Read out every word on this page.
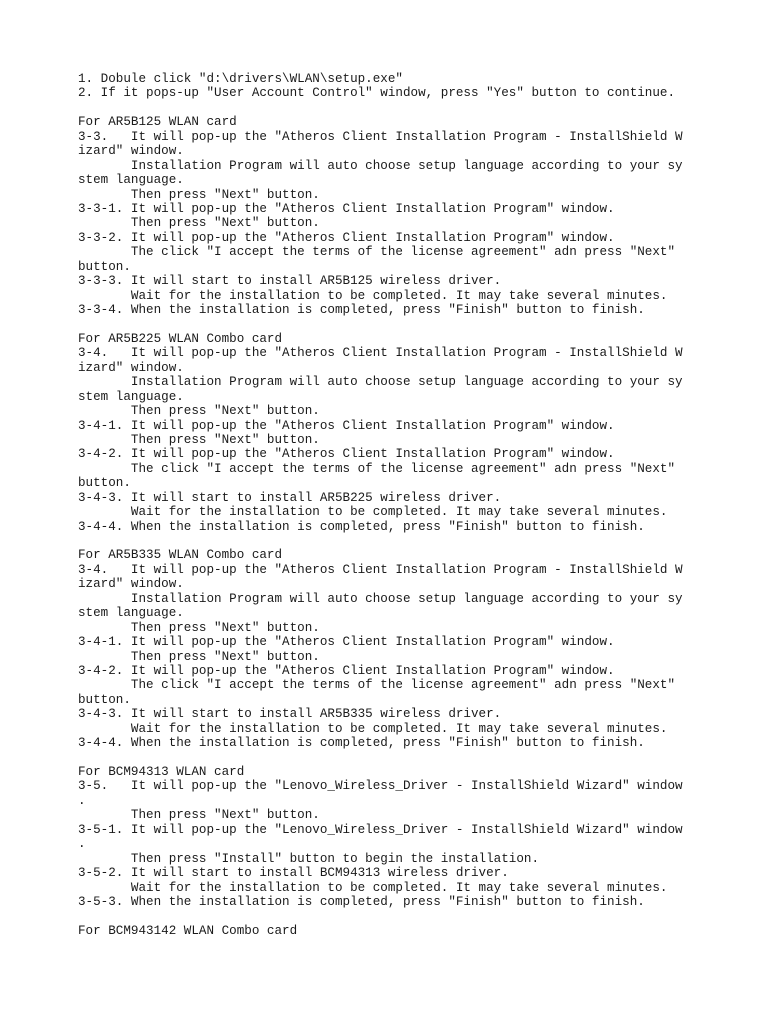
1. Dobule click "d:\drivers\WLAN\setup.exe"
2. If it pops-up "User Account Control" window, press "Yes" button to continue.
For AR5B125 WLAN card
3-3.   It will pop-up the "Atheros Client Installation Program - InstallShield W
izard" window.
Installation Program will auto choose setup language according to your sy
stem language.
Then press "Next" button.
3-3-1. It will pop-up the "Atheros Client Installation Program" window.
Then press "Next" button.
3-3-2. It will pop-up the "Atheros Client Installation Program" window.
The click "I accept the terms of the license agreement" adn press "Next"
button.
3-3-3. It will start to install AR5B125 wireless driver.
Wait for the installation to be completed. It may take several minutes.
3-3-4. When the installation is completed, press "Finish" button to finish.
For AR5B225 WLAN Combo card
3-4.   It will pop-up the "Atheros Client Installation Program - InstallShield W
izard" window.
Installation Program will auto choose setup language according to your sy
stem language.
Then press "Next" button.
3-4-1. It will pop-up the "Atheros Client Installation Program" window.
Then press "Next" button.
3-4-2. It will pop-up the "Atheros Client Installation Program" window.
The click "I accept the terms of the license agreement" adn press "Next"
button.
3-4-3. It will start to install AR5B225 wireless driver.
Wait for the installation to be completed. It may take several minutes.
3-4-4. When the installation is completed, press "Finish" button to finish.
For AR5B335 WLAN Combo card
3-4.   It will pop-up the "Atheros Client Installation Program - InstallShield W
izard" window.
Installation Program will auto choose setup language according to your sy
stem language.
Then press "Next" button.
3-4-1. It will pop-up the "Atheros Client Installation Program" window.
Then press "Next" button.
3-4-2. It will pop-up the "Atheros Client Installation Program" window.
The click "I accept the terms of the license agreement" adn press "Next"
button.
3-4-3. It will start to install AR5B335 wireless driver.
Wait for the installation to be completed. It may take several minutes.
3-4-4. When the installation is completed, press "Finish" button to finish.
For BCM94313 WLAN card
3-5.   It will pop-up the "Lenovo_Wireless_Driver - InstallShield Wizard" window
.
Then press "Next" button.
3-5-1. It will pop-up the "Lenovo_Wireless_Driver - InstallShield Wizard" window
.
Then press "Install" button to begin the installation.
3-5-2. It will start to install BCM94313 wireless driver.
Wait for the installation to be completed. It may take several minutes.
3-5-3. When the installation is completed, press "Finish" button to finish.
For BCM943142 WLAN Combo card
